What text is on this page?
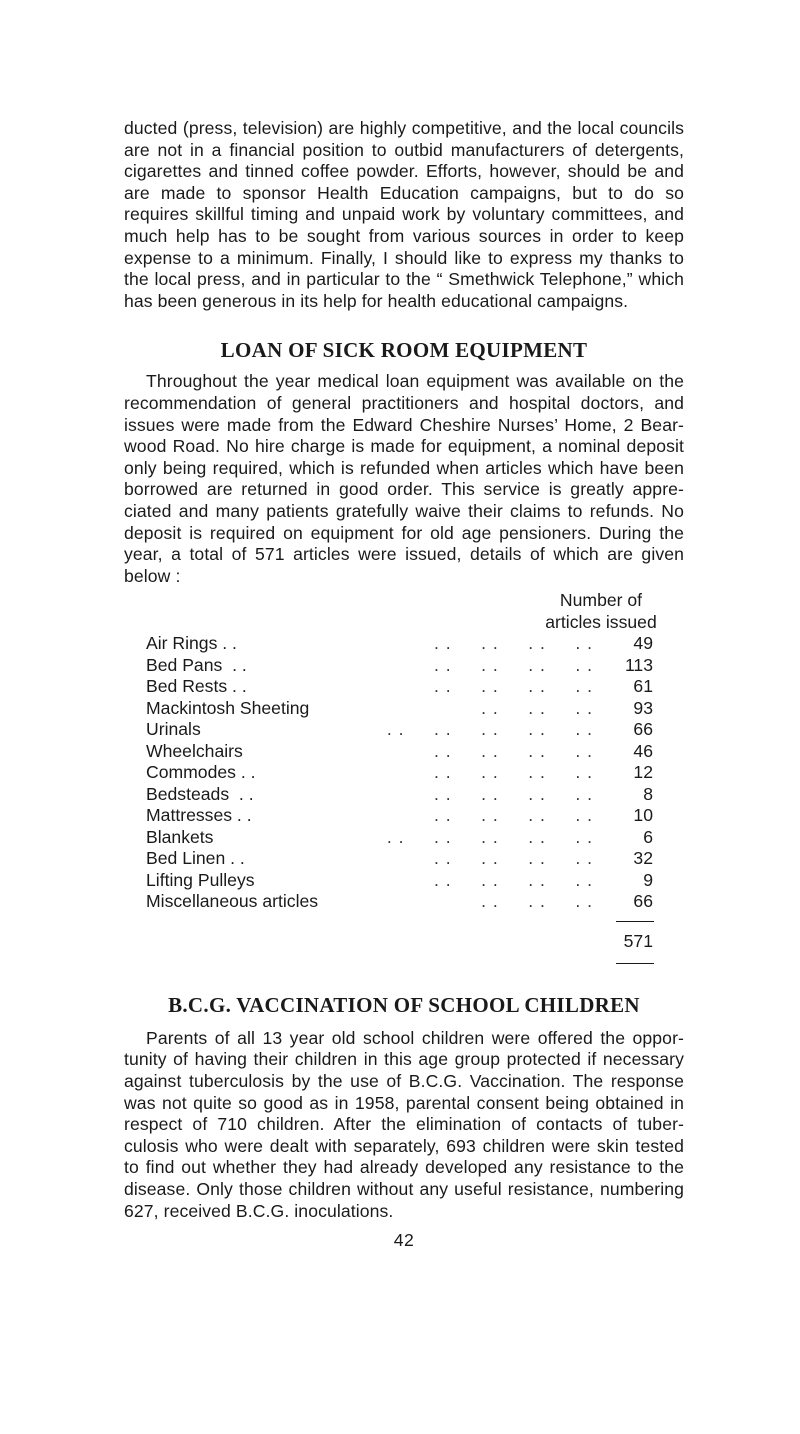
ducted (press, television) are highly competitive, and the local councils are not in a financial position to outbid manufacturers of detergents, cigarettes and tinned coffee powder. Efforts, however, should be and are made to sponsor Health Education campaigns, but to do so requires skillful timing and unpaid work by voluntary committees, and much help has to be sought from various sources in order to keep expense to a minimum. Finally, I should like to express my thanks to the local press, and in particular to the “ Smethwick Telephone,” which has been generous in its help for health educational campaigns.

LOAN OF SICK ROOM EQUIPMENT

Throughout the year medical loan equipment was available on the recommendation of general practitioners and hospital doctors, and issues were made from the Edward Cheshire Nurses’ Home, 2 Bear-wood Road. No hire charge is made for equipment, a nominal deposit only being required, which is refunded when articles which have been borrowed are returned in good order. This service is greatly appre-ciated and many patients gratefully waive their claims to refunds. No deposit is required on equipment for old age pensioners. During the year, a total of 571 articles were issued, details of which are given below :

Number of
articles issued
Air Rings . .	. .     . .     . .     . .	49
Bed Pans  . .	. .     . .     . .     . .	113
Bed Rests . .	. .     . .     . .     . .	61
Mackintosh Sheeting	. .     . .     . .	93
Urinals	. .     . .     . .     . .     . .	66
Wheelchairs	. .     . .     . .     . .	46
Commodes . .	. .     . .     . .     . .	12
Bedsteads  . .	. .     . .     . .     . .	8
Mattresses . .	. .     . .     . .     . .	10
Blankets	. .     . .     . .     . .     . .	6
Bed Linen . .	. .     . .     . .     . .	32
Lifting Pulleys	. .     . .     . .     . .	9
Miscellaneous articles	. .     . .     . .	66
571
B.C.G. VACCINATION OF SCHOOL CHILDREN

Parents of all 13 year old school children were offered the oppor-tunity of having their children in this age group protected if necessary against tuberculosis by the use of B.C.G. Vaccination. The response was not quite so good as in 1958, parental consent being obtained in respect of 710 children. After the elimination of contacts of tuber-culosis who were dealt with separately, 693 children were skin tested to find out whether they had already developed any resistance to the disease. Only those children without any useful resistance, numbering 627, received B.C.G. inoculations.

42
